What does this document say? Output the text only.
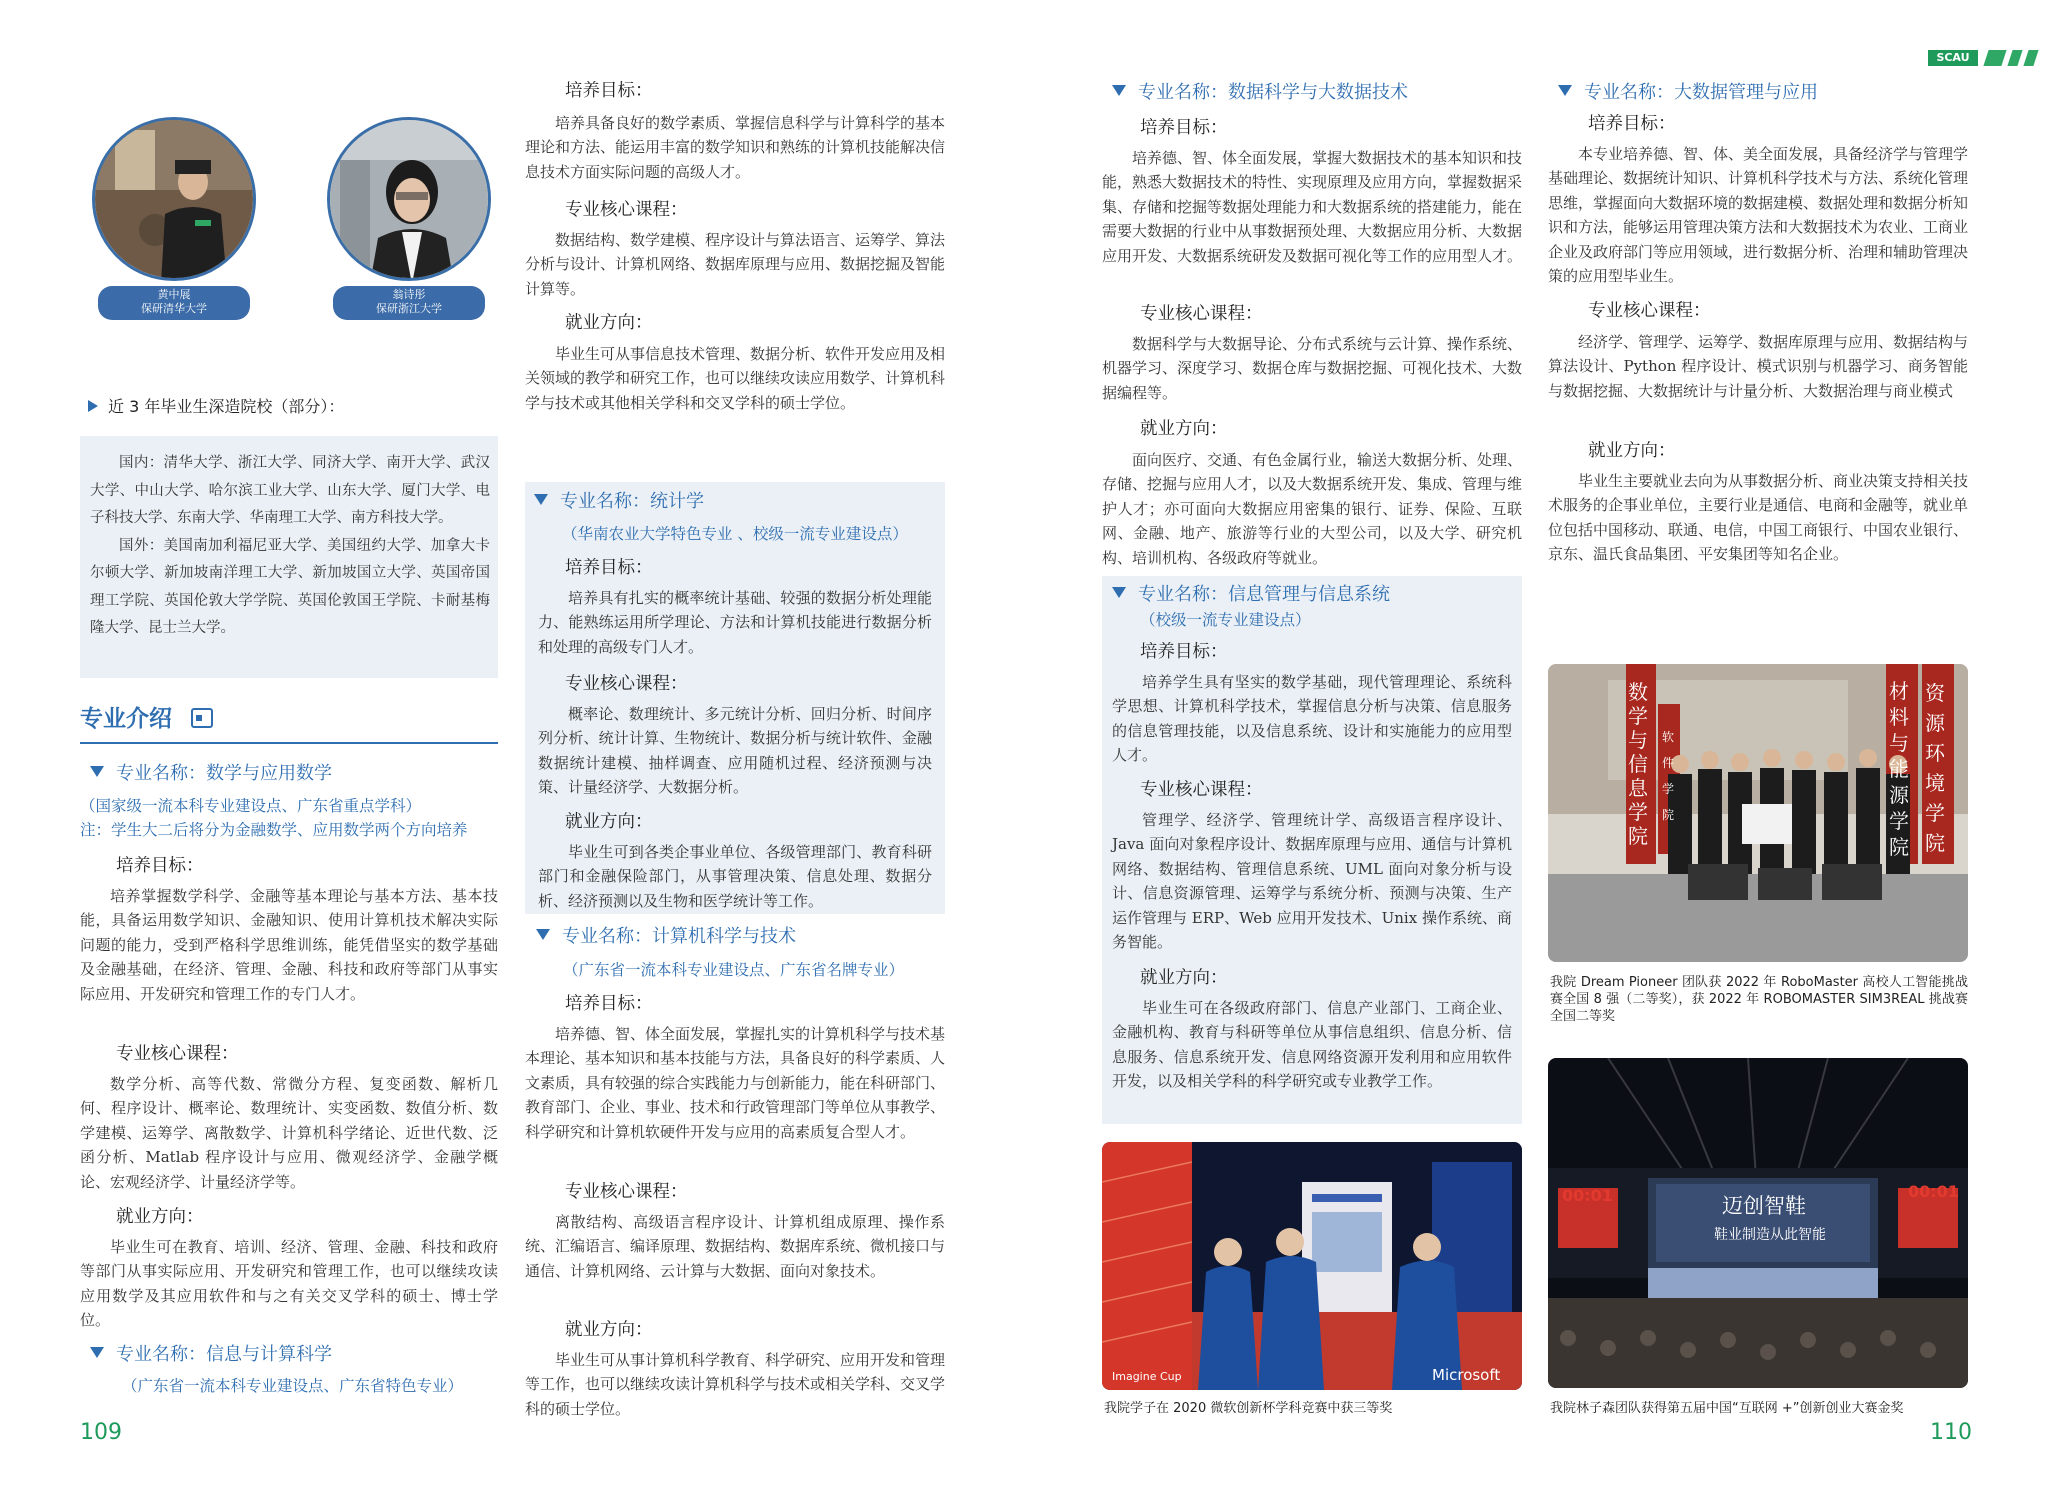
SCAU
黄中展
保研清华大学
翁诗彤
保研浙江大学
近 3 年毕业生深造院校（部分）：

国内：清华大学、浙江大学、同济大学、南开大学、武汉大学、中山大学、哈尔滨工业大学、山东大学、厦门大学、电子科技大学、东南大学、华南理工大学、南方科技大学。

国外：美国南加利福尼亚大学、美国纽约大学、加拿大卡尔顿大学、新加坡南洋理工大学、新加坡国立大学、英国帝国理工学院、英国伦敦大学学院、英国伦敦国王学院、卡耐基梅隆大学、昆士兰大学。

专业介绍
专业名称：数学与应用数学
（国家级一流本科专业建设点、广东省重点学科）
注：学生大二后将分为金融数学、应用数学两个方向培养
培养目标：

培养掌握数学科学、金融等基本理论与基本方法、基本技能，具备运用数学知识、金融知识、使用计算机技术解决实际问题的能力，受到严格科学思维训练，能凭借坚实的数学基础及金融基础，在经济、管理、金融、科技和政府等部门从事实际应用、开发研究和管理工作的专门人才。

专业核心课程：

数学分析、高等代数、常微分方程、复变函数、解析几何、程序设计、概率论、数理统计、实变函数、数值分析、数学建模、运筹学、离散数学、计算机科学绪论、近世代数、泛函分析、Matlab 程序设计与应用、微观经济学、金融学概论、宏观经济学、计量经济学等。

就业方向：

毕业生可在教育、培训、经济、管理、金融、科技和政府等部门从事实际应用、开发研究和管理工作，也可以继续攻读应用数学及其应用软件和与之有关交叉学科的硕士、博士学位。

专业名称：信息与计算科学
（广东省一流本科专业建设点、广东省特色专业）
109
培养目标：

培养具备良好的数学素质、掌握信息科学与计算科学的基本理论和方法、能运用丰富的数学知识和熟练的计算机技能解决信息技术方面实际问题的高级人才。

专业核心课程：

数据结构、数学建模、程序设计与算法语言、运筹学、算法分析与设计、计算机网络、数据库原理与应用、数据挖掘及智能计算等。

就业方向：

毕业生可从事信息技术管理、数据分析、软件开发应用及相关领域的教学和研究工作，也可以继续攻读应用数学、计算机科学与技术或其他相关学科和交叉学科的硕士学位。

专业名称：统计学
（华南农业大学特色专业 、校级一流专业建设点）
培养目标：

培养具有扎实的概率统计基础、较强的数据分析处理能力、能熟练运用所学理论、方法和计算机技能进行数据分析和处理的高级专门人才。

专业核心课程：

概率论、数理统计、多元统计分析、回归分析、时间序列分析、统计计算、生物统计、数据分析与统计软件、金融数据统计建模、抽样调查、应用随机过程、经济预测与决策、计量经济学、大数据分析。

就业方向：

毕业生可到各类企事业单位、各级管理部门、教育科研部门和金融保险部门，从事管理决策、信息处理、数据分析、经济预测以及生物和医学统计等工作。

专业名称：计算机科学与技术
（广东省一流本科专业建设点、广东省名牌专业）
培养目标：

培养德、智、体全面发展，掌握扎实的计算机科学与技术基本理论、基本知识和基本技能与方法，具备良好的科学素质、人文素质，具有较强的综合实践能力与创新能力，能在科研部门、教育部门、企业、事业、技术和行政管理部门等单位从事教学、科学研究和计算机软硬件开发与应用的高素质复合型人才。

专业核心课程：

离散结构、高级语言程序设计、计算机组成原理、操作系统、汇编语言、编译原理、数据结构、数据库系统、微机接口与通信、计算机网络、云计算与大数据、面向对象技术。

就业方向：

毕业生可从事计算机科学教育、科学研究、应用开发和管理等工作，也可以继续攻读计算机科学与技术或相关学科、交叉学科的硕士学位。

专业名称：数据科学与大数据技术
培养目标：

培养德、智、体全面发展，掌握大数据技术的基本知识和技能，熟悉大数据技术的特性、实现原理及应用方向，掌握数据采集、存储和挖掘等数据处理能力和大数据系统的搭建能力，能在需要大数据的行业中从事数据预处理、大数据应用分析、大数据应用开发、大数据系统研发及数据可视化等工作的应用型人才。

专业核心课程：

数据科学与大数据导论、分布式系统与云计算、操作系统、机器学习、深度学习、数据仓库与数据挖掘、可视化技术、大数据编程等。

就业方向：

面向医疗、交通、有色金属行业，输送大数据分析、处理、存储、挖掘与应用人才，以及大数据系统开发、集成、管理与维护人才；亦可面向大数据应用密集的银行、证券、保险、互联网、金融、地产、旅游等行业的大型公司，以及大学、研究机构、培训机构、各级政府等就业。

专业名称：信息管理与信息系统
（校级一流专业建设点）
培养目标：

培养学生具有坚实的数学基础，现代管理理论、系统科学思想、计算机科学技术，掌握信息分析与决策、信息服务的信息管理技能，以及信息系统、设计和实施能力的应用型人才。

专业核心课程：

管理学、经济学、管理统计学、高级语言程序设计、Java 面向对象程序设计、数据库原理与应用、通信与计算机网络、数据结构、管理信息系统、UML 面向对象分析与设计、信息资源管理、运筹学与系统分析、预测与决策、生产运作管理与 ERP、Web 应用开发技术、Unix 操作系统、商务智能。

就业方向：

毕业生可在各级政府部门、信息产业部门、工商企业、金融机构、教育与科研等单位从事信息组织、信息分析、信息服务、信息系统开发、信息网络资源开发利用和应用软件开发，以及相关学科的科学研究或专业教学工作。

Imagine Cup	Microsoft
我院学子在 2020 微软创新杯学科竞赛中获三等奖
专业名称：大数据管理与应用
培养目标：

本专业培养德、智、体、美全面发展，具备经济学与管理学基础理论、数据统计知识、计算机科学技术与方法、系统化管理思维，掌握面向大数据环境的数据建模、数据处理和数据分析知识和方法，能够运用管理决策方法和大数据技术为农业、工商业企业及政府部门等应用领域，进行数据分析、治理和辅助管理决策的应用型毕业生。

专业核心课程：

经济学、管理学、运筹学、数据库原理与应用、数据结构与算法设计、Python 程序设计、模式识别与机器学习、商务智能与数据挖掘、大数据统计与计量分析、大数据治理与商业模式

就业方向：

毕业生主要就业去向为从事数据分析、商业决策支持相关技术服务的企事业单位，主要行业是通信、电商和金融等，就业单位包括中国移动、联通、电信，中国工商银行、中国农业银行、京东、温氏食品集团、平安集团等知名企业。

数学与信息学院
软件学院
材料与能源学院
资源环境学院
我院 Dream Pioneer 团队获 2022 年 RoboMaster 高校人工智能挑战赛全国 8 强（二等奖），获 2022 年 ROBOMASTER SIM3REAL 挑战赛全国二等奖
00:01	00:01
迈创智鞋
鞋业制造从此智能
我院林子森团队获得第五届中国“互联网 +”创新创业大赛金奖
110
